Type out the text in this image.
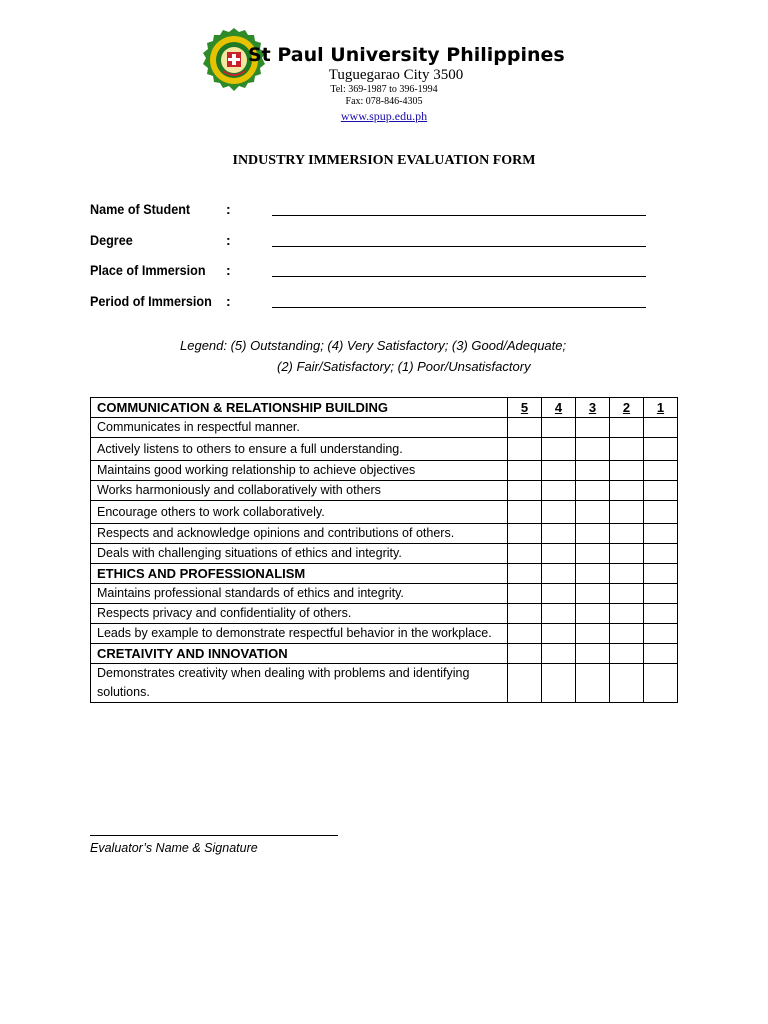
St Paul University Philippines
Tuguegarao City 3500
Tel: 369-1987 to 396-1994
Fax: 078-846-4305
www.spup.edu.ph
INDUSTRY IMMERSION EVALUATION FORM
Name of Student	:
Degree	:
Place of Immersion :
Period of Immersion :
Legend: (5) Outstanding; (4) Very Satisfactory; (3) Good/Adequate;
(2) Fair/Satisfactory; (1) Poor/Unsatisfactory
COMMUNICATION & RELATIONSHIP BUILDING	5	4	3	2	1
Communicates in respectful manner.					
Actively listens to others to ensure a full understanding.					
Maintains good working relationship to achieve objectives					
Works harmoniously and collaboratively with others					
Encourage others to work collaboratively.					
Respects and acknowledge opinions and contributions of others.					
Deals with challenging situations of ethics and integrity.					
ETHICS AND PROFESSIONALISM					
Maintains professional standards of ethics and integrity.					
Respects privacy and confidentiality of others.					
Leads by example to demonstrate respectful behavior in the workplace.					
CRETAIVITY AND INNOVATION					
Demonstrates creativity when dealing with problems and identifying solutions.					
Evaluator’s Name & Signature
